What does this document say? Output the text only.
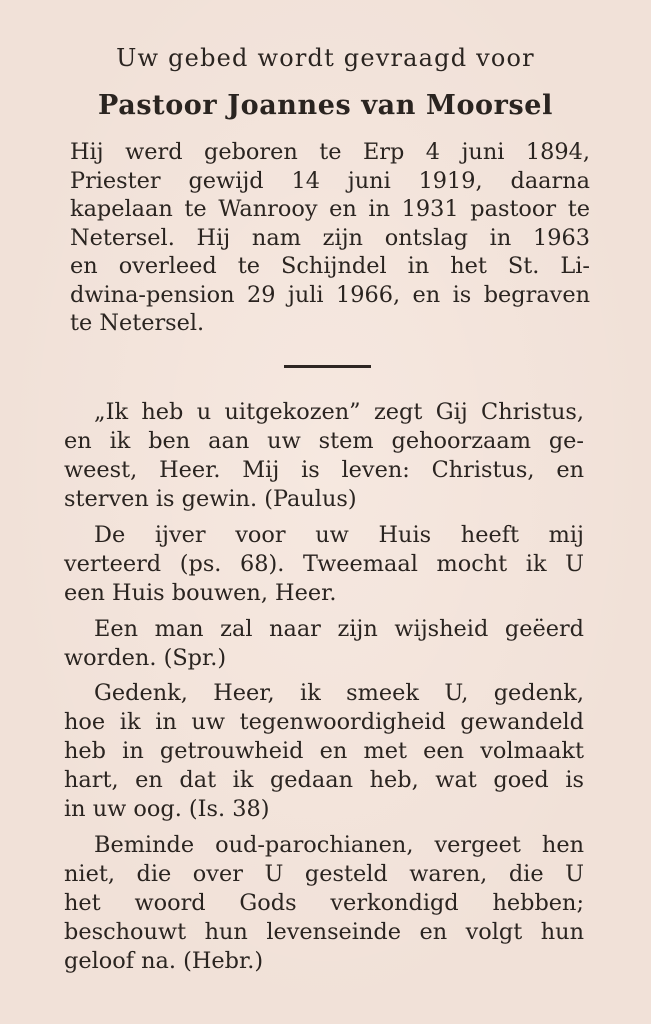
Uw gebed wordt gevraagd voor
Pastoor Joannes van Moorsel
Hij werd geboren te Erp 4 juni 1894,
Priester gewijd 14 juni 1919, daarna
kapelaan te Wanrooy en in 1931 pastoor te
Netersel. Hij nam zijn ontslag in 1963
en overleed te Schijndel in het St. Li-
dwina-pension 29 juli 1966, en is begraven
te Netersel.
„Ik heb u uitgekozen” zegt Gij Christus,
en ik ben aan uw stem gehoorzaam ge-
weest, Heer. Mij is leven: Christus, en
sterven is gewin. (Paulus)
De ijver voor uw Huis heeft mij
verteerd (ps. 68). Tweemaal mocht ik U
een Huis bouwen, Heer.
Een man zal naar zijn wijsheid geëerd
worden. (Spr.)
Gedenk, Heer, ik smeek U, gedenk,
hoe ik in uw tegenwoordigheid gewandeld
heb in getrouwheid en met een volmaakt
hart, en dat ik gedaan heb, wat goed is
in uw oog. (Is. 38)
Beminde oud-parochianen, vergeet hen
niet, die over U gesteld waren, die U
het woord Gods verkondigd hebben;
beschouwt hun levenseinde en volgt hun
geloof na. (Hebr.)
